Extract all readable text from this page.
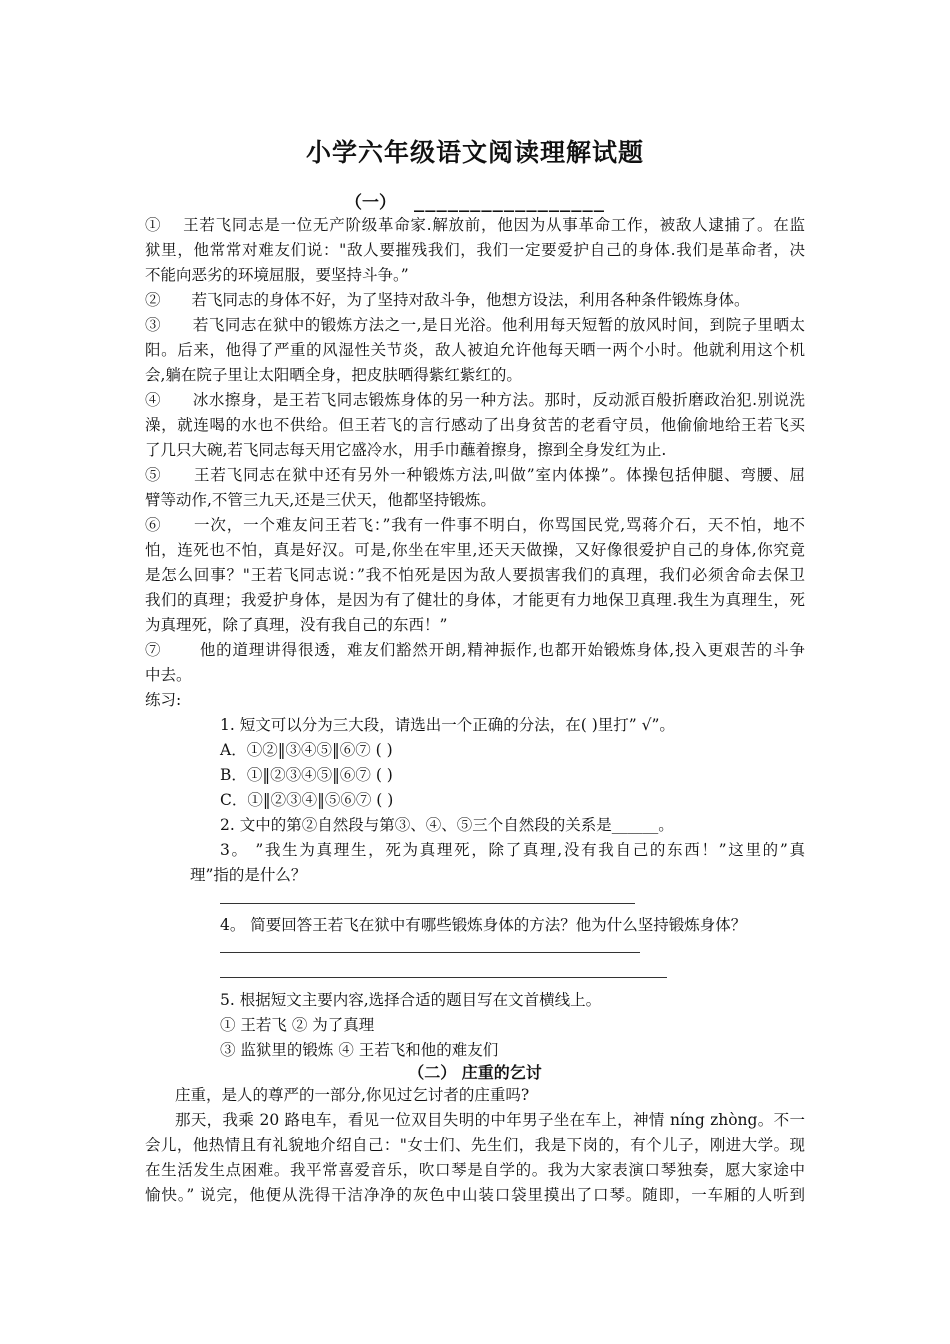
小学六年级语文阅读理解试题
（一） _________________
①　 王若飞同志是一位无产阶级革命家.解放前，他因为从事革命工作，被敌人逮捕了。在监
狱里，他常常对难友们说："敌人要摧残我们，我们一定要爱护自己的身体.我们是革命者，决
不能向恶劣的环境屈服，要坚持斗争。”
②　　若飞同志的身体不好，为了坚持对敌斗争，他想方设法，利用各种条件锻炼身体。
③　　若飞同志在狱中的锻炼方法之一,是日光浴。他利用每天短暂的放风时间，到院子里晒太
阳。后来，他得了严重的风湿性关节炎，敌人被迫允许他每天晒一两个小时。他就利用这个机
会,躺在院子里让太阳晒全身，把皮肤晒得紫红紫红的。
④　　冰水擦身，是王若飞同志锻炼身体的另一种方法。那时，反动派百般折磨政治犯.别说洗
澡，就连喝的水也不供给。但王若飞的言行感动了出身贫苦的老看守员，他偷偷地给王若飞买
了几只大碗,若飞同志每天用它盛冷水，用手巾蘸着擦身，擦到全身发红为止.
⑤　　王若飞同志在狱中还有另外一种锻炼方法,叫做”室内体操”。体操包括伸腿、弯腰、屈
臂等动作,不管三九天,还是三伏天，他都坚持锻炼。
⑥　　一次，一个难友问王若飞：”我有一件事不明白，你骂国民党,骂蒋介石，天不怕，地不
怕，连死也不怕，真是好汉。可是,你坐在牢里,还天天做操，又好像很爱护自己的身体,你究竟
是怎么回事？"王若飞同志说：”我不怕死是因为敌人要损害我们的真理，我们必须舍命去保卫
我们的真理；我爱护身体，是因为有了健壮的身体，才能更有力地保卫真理.我生为真理生，死
为真理死，除了真理，没有我自己的东西！”
⑦　　 他的道理讲得很透，难友们豁然开朗,精神振作,也都开始锻炼身体,投入更艰苦的斗争
中去。
练习:
1. 短文可以分为三大段，请选出一个正确的分法，在( )里打” √”。
A．①②‖③④⑤‖⑥⑦ ( )
B．①‖②③④⑤‖⑥⑦ ( )
C．①‖②③④‖⑤⑥⑦ ( )
2. 文中的第②自然段与第③、④、⑤三个自然段的关系是______。
3。 ”我生为真理生，死为真理死，除了真理,没有我自己的东西！”这里的”真
理”指的是什么？
4。 简要回答王若飞在狱中有哪些锻炼身体的方法？他为什么坚持锻炼身体？
5. 根据短文主要内容,选择合适的题目写在文首横线上。
① 王若飞 ② 为了真理
③ 监狱里的锻炼 ④ 王若飞和他的难友们
（二） 庄重的乞讨
庄重，是人的尊严的一部分,你见过乞讨者的庄重吗?
那天，我乘 20 路电车，看见一位双目失明的中年男子坐在车上，神情 níng zhòng。不一
会儿，他热情且有礼貌地介绍自己："女士们、先生们，我是下岗的，有个儿子，刚进大学。现
在生活发生点困难。我平常喜爱音乐，吹口琴是自学的。我为大家表演口琴独奏，愿大家途中
愉快。” 说完，他便从洗得干洁净净的灰色中山装口袋里摸出了口琴。随即，一车厢的人听到
